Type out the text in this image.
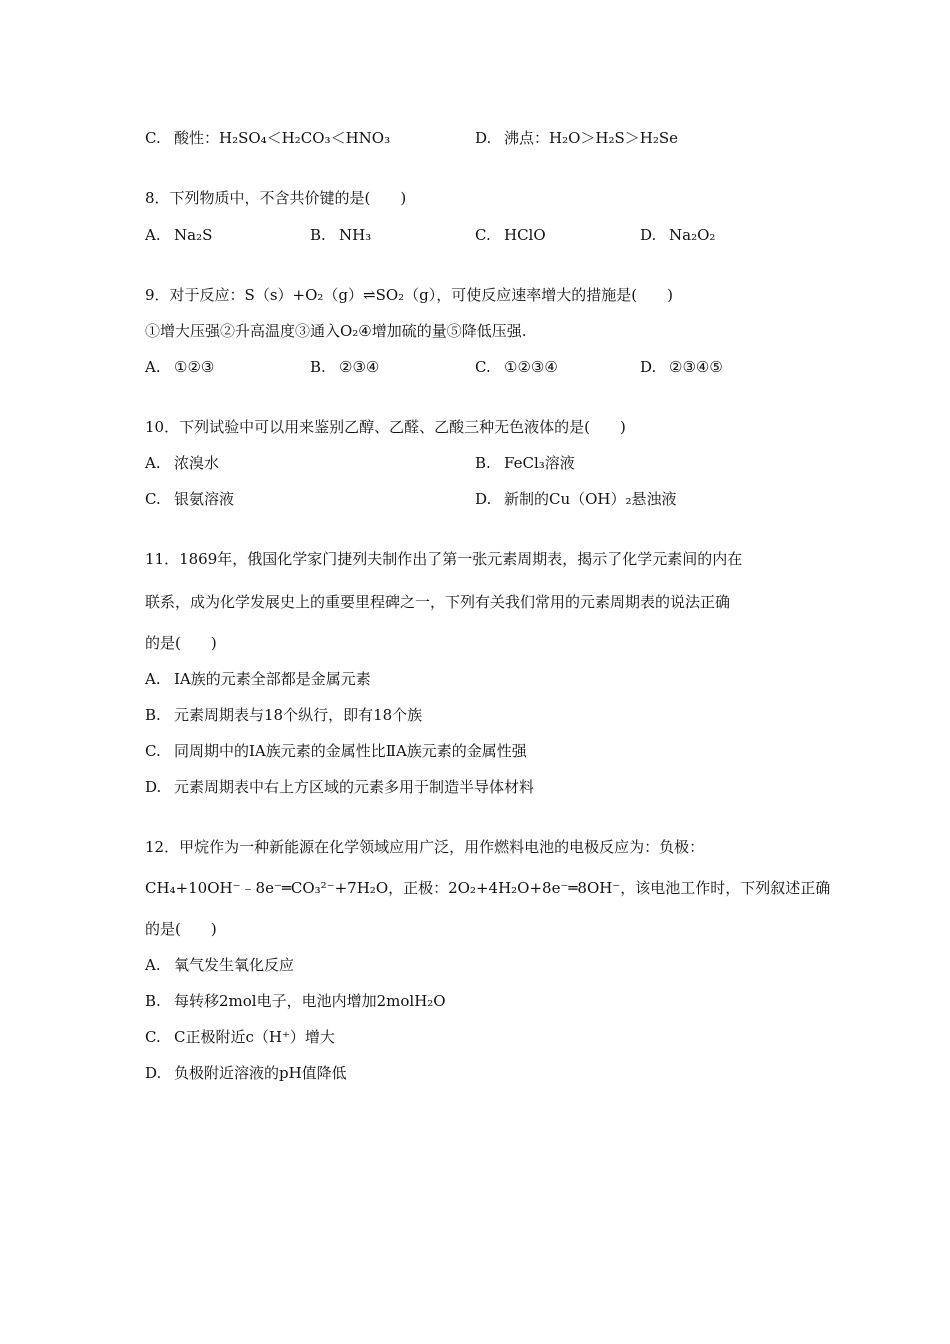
C. 酸性：H₂SO₄＜H₂CO₃＜HNO₃	D. 沸点：H₂O＞H₂S＞H₂Se
8．下列物质中，不含共价键的是(　　)
A. Na₂S	B. NH₃	C. HClO	D. Na₂O₂
9．对于反应：S（s）+O₂（g）⇌SO₂（g），可使反应速率增大的措施是(　　)
①增大压强②升高温度③通入O₂④增加硫的量⑤降低压强.
A. ①②③	B. ②③④	C. ①②③④	D. ②③④⑤
10．下列试验中可以用来鉴别乙醇、乙醛、乙酸三种无色液体的是(　　)
A. 浓溴水	B. FeCl₃溶液
C. 银氨溶液	D. 新制的Cu（OH）₂悬浊液
11．1869年，俄国化学家门捷列夫制作出了第一张元素周期表，揭示了化学元素间的内在
联系，成为化学发展史上的重要里程碑之一，下列有关我们常用的元素周期表的说法正确
的是(　　)
A. ⅠA族的元素全部都是金属元素
B. 元素周期表与18个纵行，即有18个族
C. 同周期中的IA族元素的金属性比ⅡA族元素的金属性强
D. 元素周期表中右上方区域的元素多用于制造半导体材料
12．甲烷作为一种新能源在化学领域应用广泛，用作燃料电池的电极反应为：负极：
CH₄+10OH⁻﹣8e⁻═CO₃²⁻+7H₂O，正极：2O₂+4H₂O+8e⁻═8OH⁻，该电池工作时，下列叙述正确
的是(　　)
A. 氧气发生氧化反应
B. 每转移2mol电子，电池内增加2molH₂O
C. C正极附近c（H⁺）增大
D. 负极附近溶液的pH值降低
